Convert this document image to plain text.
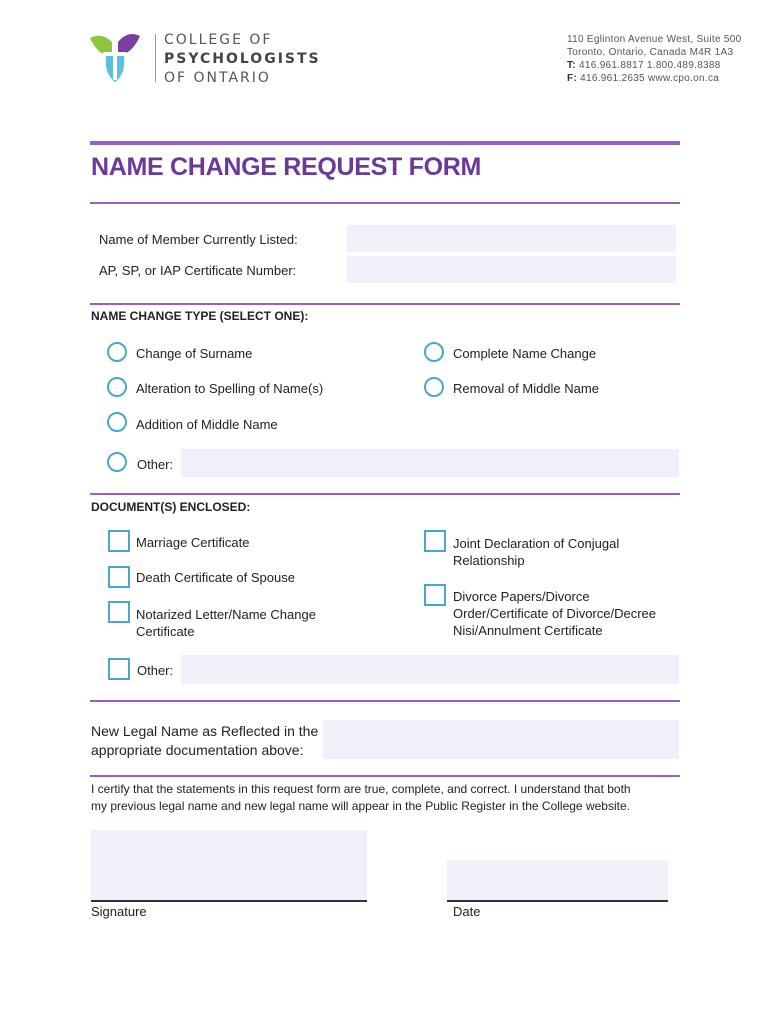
COLLEGE OF
PSYCHOLOGISTS
OF ONTARIO
110 Eglinton Avenue West, Suite 500
Toronto, Ontario, Canada M4R 1A3
T: 416.961.8817 1.800.489.8388
F: 416.961.2635 www.cpo.on.ca
NAME CHANGE REQUEST FORM
Name of Member Currently Listed:
AP, SP, or IAP Certificate Number:
NAME CHANGE TYPE (SELECT ONE):
Change of Surname	Complete Name Change
Alteration to Spelling of Name(s)	Removal of Middle Name
Addition of Middle Name
Other:
DOCUMENT(S) ENCLOSED:
Marriage Certificate
Death Certificate of Spouse
Notarized Letter/Name Change
Certificate
Joint Declaration of Conjugal
Relationship
Divorce Papers/Divorce
Order/Certificate of Divorce/Decree
Nisi/Annulment Certificate
Other:
New Legal Name as Reflected in the
appropriate documentation above:
I certify that the statements in this request form are true, complete, and correct. I understand that both
my previous legal name and new legal name will appear in the Public Register in the College website.
Signature	Date
